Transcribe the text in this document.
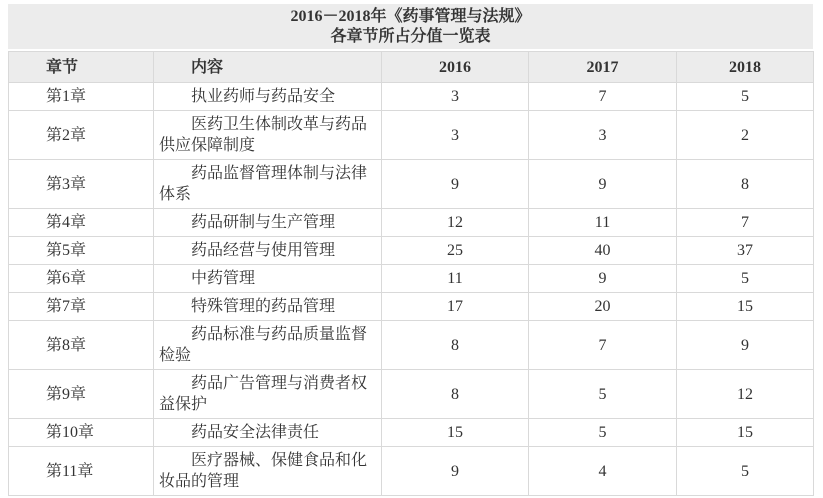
2016－2018年《药事管理与法规》
各章节所占分值一览表
章节	内容	2016	2017	2018
第1章	执业药师与药品安全	3	7	5
第2章	医药卫生体制改革与药品供应保障制度	3	3	2
第3章	药品监督管理体制与法律体系	9	9	8
第4章	药品研制与生产管理	12	11	7
第5章	药品经营与使用管理	25	40	37
第6章	中药管理	11	9	5
第7章	特殊管理的药品管理	17	20	15
第8章	药品标准与药品质量监督检验	8	7	9
第9章	药品广告管理与消费者权益保护	8	5	12
第10章	药品安全法律责任	15	5	15
第11章	医疗器械、保健食品和化妆品的管理	9	4	5
